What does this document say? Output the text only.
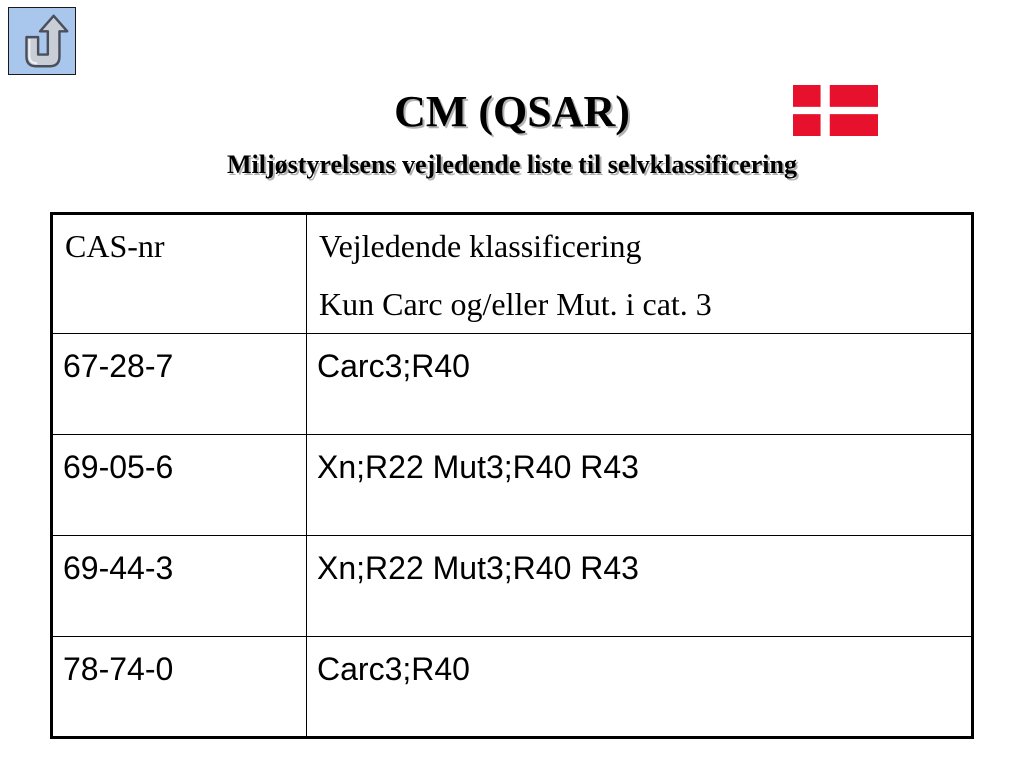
CM (QSAR)
Miljøstyrelsens vejledende liste til selvklassificering
CAS-nr	Vejledende klassificering
Kun Carc og/eller Mut. i cat. 3

67-28-7	Carc3;R40
69-05-6	Xn;R22 Mut3;R40 R43
69-44-3	Xn;R22 Mut3;R40 R43
78-74-0	Carc3;R40
